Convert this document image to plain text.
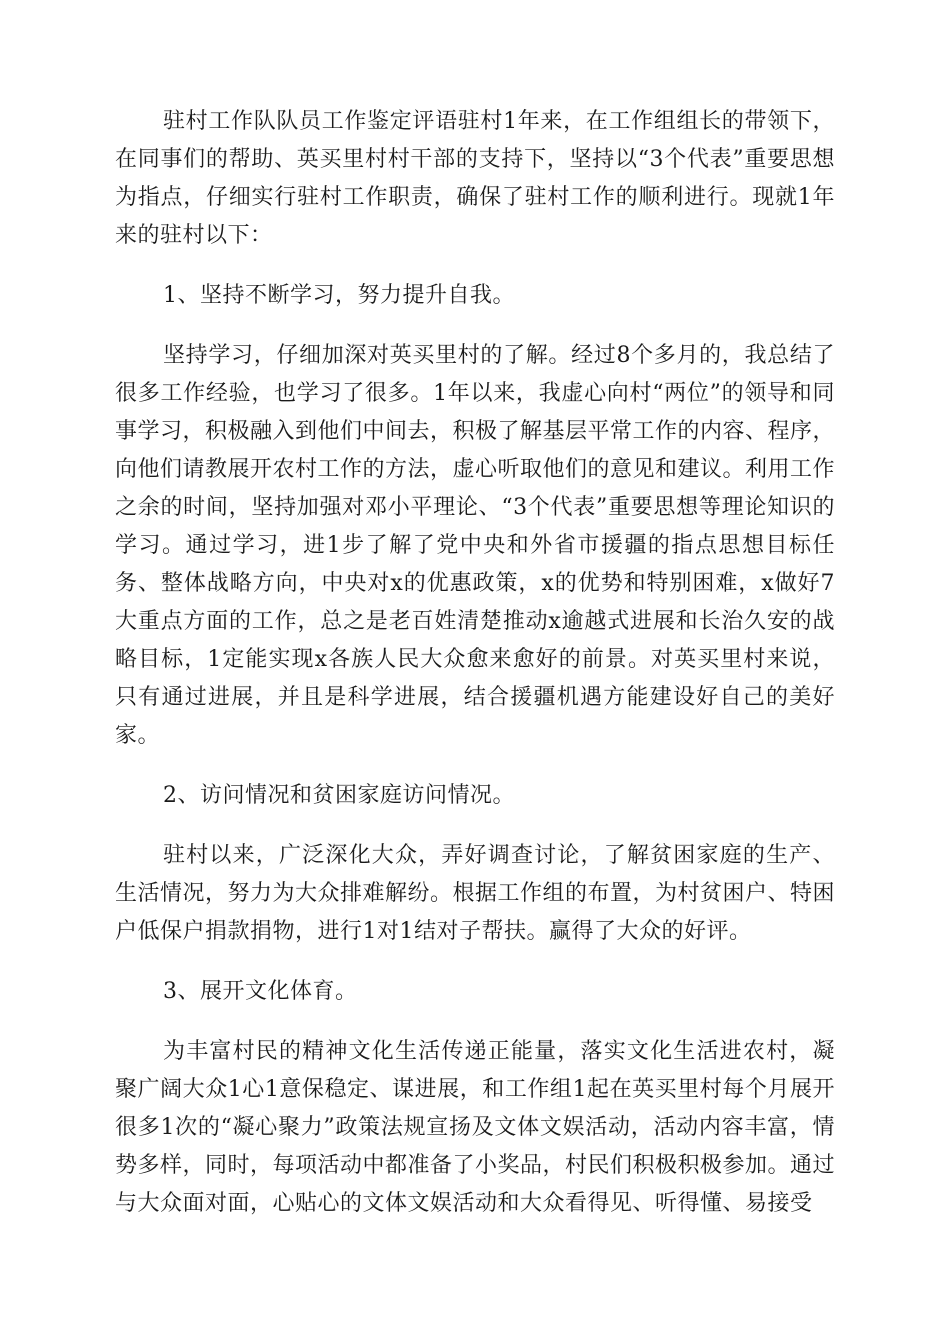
驻村工作队队员工作鉴定评语驻村1年来，在工作组组长的带领下，在同事们的帮助、英买里村村干部的支持下，坚持以“3个代表”重要思想为指点，仔细实行驻村工作职责，确保了驻村工作的顺利进行。现就1年来的驻村以下：

1、坚持不断学习，努力提升自我。

坚持学习，仔细加深对英买里村的了解。经过8个多月的，我总结了很多工作经验，也学习了很多。1年以来，我虚心向村“两位”的领导和同事学习，积极融入到他们中间去，积极了解基层平常工作的内容、程序，向他们请教展开农村工作的方法，虚心听取他们的意见和建议。利用工作之余的时间，坚持加强对邓小平理论、“3个代表”重要思想等理论知识的学习。通过学习，进1步了解了党中央和外省市援疆的指点思想目标任务、整体战略方向，中央对x的优惠政策，x的优势和特别困难，x做好7大重点方面的工作，总之是老百姓清楚推动x逾越式进展和长治久安的战略目标，1定能实现x各族人民大众愈来愈好的前景。对英买里村来说，只有通过进展，并且是科学进展，结合援疆机遇方能建设好自己的美好家。

2、访问情况和贫困家庭访问情况。

驻村以来，广泛深化大众，弄好调查讨论，了解贫困家庭的生产、生活情况，努力为大众排难解纷。根据工作组的布置，为村贫困户、特困户低保户捐款捐物，进行1对1结对子帮扶。赢得了大众的好评。

3、展开文化体育。

为丰富村民的精神文化生活传递正能量，落实文化生活进农村，凝聚广阔大众1心1意保稳定、谋进展，和工作组1起在英买里村每个月展开很多1次的“凝心聚力”政策法规宣扬及文体文娱活动，活动内容丰富，情势多样，同时，每项活动中都准备了小奖品，村民们积极积极参加。通过与大众面对面，心贴心的文体文娱活动和大众看得见、听得懂、易接受
